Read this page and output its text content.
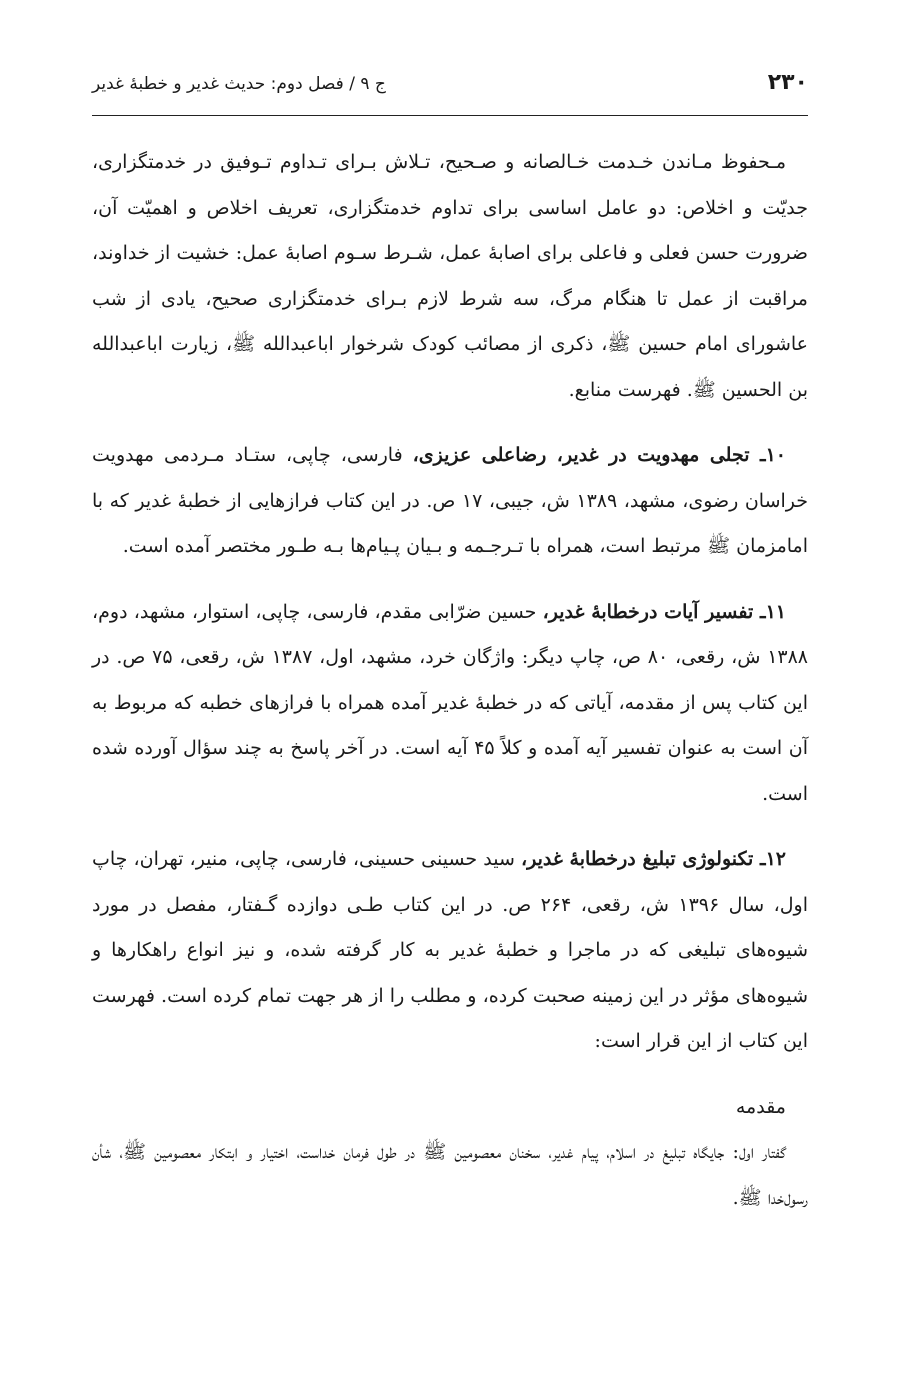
۲۳۰
ج ۹ / فصل دوم: حدیث غدیر و خطبهٔ غدیر

مـحفوظ مـاندن خـدمت خـالصانه و صـحیح، تـلاش بـرای تـداوم تـوفیق در خدمتگزاری، جدیّت و اخلاص: دو عامل اساسی برای تداوم خدمتگزاری، تعریف اخلاص و اهمیّت آن، ضرورت حسن فعلی و فاعلی برای اصابهٔ عمل، شـرط سـوم اصابهٔ عمل: خشیت از خداوند، مراقبت از عمل تا هنگام مرگ، سه شرط لازم بـرای خدمتگزاری صحیح، یادی از شب عاشورای امام حسین ﷺ، ذکری از مصائب کودک شرخوار اباعبدالله ﷺ، زیارت اباعبدالله بن الحسین ﷺ. فهرست منابع.

۱۰ـ تجلی مهدویت در غدیر، رضاعلی عزیزی، فارسی، چاپی، ستـاد مـردمی مهدویت خراسان رضوی، مشهد، ۱۳۸۹ ش، جیبی، ۱۷ ص. در این کتاب فرازهایی از خطبهٔ غدیر که با امامزمان ﷺ مرتبط است، همراه با تـرجـمه و بـیان پـیام‌ها بـه طـور مختصر آمده است.

۱۱ـ تفسیر آیات درخطابهٔ غدیر، حسین ضرّابی مقدم، فارسی، چاپی، استوار، مشهد، دوم، ۱۳۸۸ ش، رقعی، ۸۰ ص، چاپ دیگر: واژگان خرد، مشهد، اول، ۱۳۸۷ ش، رقعی، ۷۵ ص. در این کتاب پس از مقدمه، آیاتی که در خطبهٔ غدیر آمده همراه با فرازهای خطبه که مربوط به آن است به عنوان تفسیر آیه آمده و کلاً ۴۵ آیه است. در آخر پاسخ به چند سؤال آورده شده است.

۱۲ـ تکنولوژی تبلیغ درخطابهٔ غدیر، سید حسینی حسینی، فارسی، چاپی، منیر، تهران، چاپ اول، سال ۱۳۹۶ ش، رقعی، ۲۶۴ ص. در این کتاب طـی دوازده گـفتار، مفصل در مورد شیوه‌های تبلیغی که در ماجرا و خطبهٔ غدیر به کار گرفته شده، و نیز انواع راهکارها و شیوه‌های مؤثر در این زمینه صحبت کرده، و مطلب را از هر جهت تمام کرده است. فهرست این کتاب از این قرار است:

مقدمه

گفتار اول: جایگاه تبلیغ در اسلام، پیام غدیر، سخنان معصومین ﷺ در طول فرمان خداست، اختیار و ابتکار معصومین ﷺ، شأن رسول‌خدا ﷺ.
